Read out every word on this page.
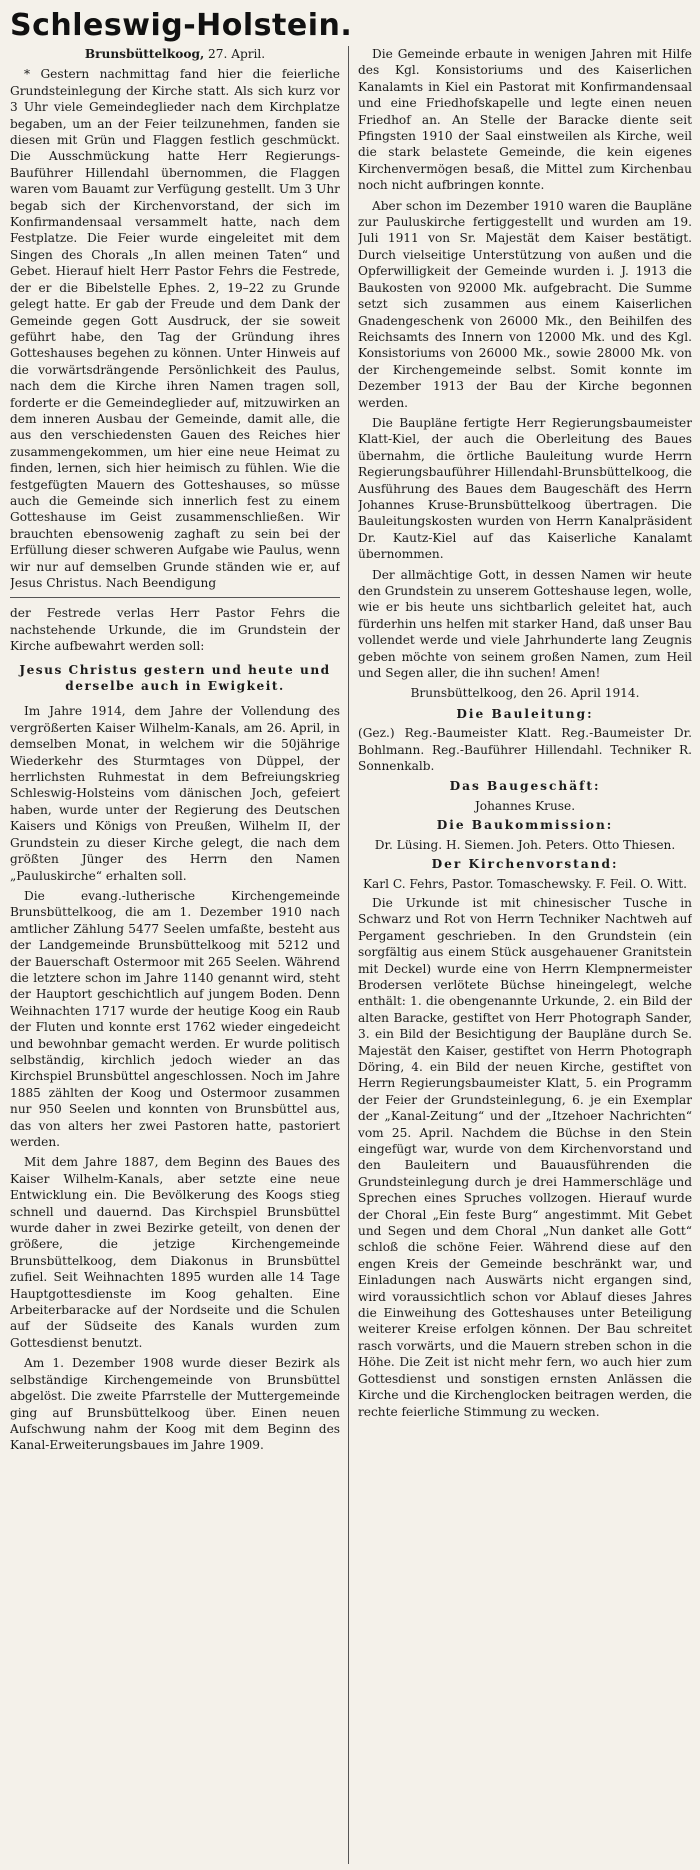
Schleswig-Holstein.

Brunsbüttelkoog, 27. April.

* Gestern nachmittag fand hier die feierliche Grundsteinlegung der Kirche statt. Als sich kurz vor 3 Uhr viele Gemeindeglieder nach dem Kirchplatze begaben, um an der Feier teilzunehmen, fanden sie diesen mit Grün und Flaggen festlich geschmückt. Die Ausschmückung hatte Herr Regierungs-Bauführer Hillendahl übernommen, die Flaggen waren vom Bauamt zur Verfügung gestellt. Um 3 Uhr begab sich der Kirchenvorstand, der sich im Konfirmandensaal versammelt hatte, nach dem Festplatze. Die Feier wurde eingeleitet mit dem Singen des Chorals „In allen meinen Taten“ und Gebet. Hierauf hielt Herr Pastor Fehrs die Festrede, der er die Bibelstelle Ephes. 2, 19–22 zu Grunde gelegt hatte. Er gab der Freude und dem Dank der Gemeinde gegen Gott Ausdruck, der sie soweit geführt habe, den Tag der Gründung ihres Gotteshauses begehen zu können. Unter Hinweis auf die vorwärtsdrängende Persönlichkeit des Paulus, nach dem die Kirche ihren Namen tragen soll, forderte er die Gemeindeglieder auf, mitzuwirken an dem inneren Ausbau der Gemeinde, damit alle, die aus den verschiedensten Gauen des Reiches hier zusammengekommen, um hier eine neue Heimat zu finden, lernen, sich hier heimisch zu fühlen. Wie die festgefügten Mauern des Gotteshauses, so müsse auch die Gemeinde sich innerlich fest zu einem Gotteshause im Geist zusammenschließen. Wir brauchten ebensowenig zaghaft zu sein bei der Erfüllung dieser schweren Aufgabe wie Paulus, wenn wir nur auf demselben Grunde ständen wie er, auf Jesus Christus. Nach Beendigung

der Festrede verlas Herr Pastor Fehrs die nachstehende Urkunde, die im Grundstein der Kirche aufbewahrt werden soll:

Jesus Christus gestern und heute und derselbe auch in Ewigkeit.

Im Jahre 1914, dem Jahre der Vollendung des vergrößerten Kaiser Wilhelm-Kanals, am 26. April, in demselben Monat, in welchem wir die 50jährige Wiederkehr des Sturmtages von Düppel, der herrlichsten Ruhmestat in dem Befreiungskrieg Schleswig-Holsteins vom dänischen Joch, gefeiert haben, wurde unter der Regierung des Deutschen Kaisers und Königs von Preußen, Wilhelm II, der Grundstein zu dieser Kirche gelegt, die nach dem größten Jünger des Herrn den Namen „Pauluskirche“ erhalten soll.

Die evang.-lutherische Kirchengemeinde Brunsbüttelkoog, die am 1. Dezember 1910 nach amtlicher Zählung 5477 Seelen umfaßte, besteht aus der Landgemeinde Brunsbüttelkoog mit 5212 und der Bauerschaft Ostermoor mit 265 Seelen. Während die letztere schon im Jahre 1140 genannt wird, steht der Hauptort geschichtlich auf jungem Boden. Denn Weihnachten 1717 wurde der heutige Koog ein Raub der Fluten und konnte erst 1762 wieder eingedeicht und bewohnbar gemacht werden. Er wurde politisch selbständig, kirchlich jedoch wieder an das Kirchspiel Brunsbüttel angeschlossen. Noch im Jahre 1885 zählten der Koog und Ostermoor zusammen nur 950 Seelen und konnten von Brunsbüttel aus, das von alters her zwei Pastoren hatte, pastoriert werden.

Mit dem Jahre 1887, dem Beginn des Baues des Kaiser Wilhelm-Kanals, aber setzte eine neue Entwicklung ein. Die Bevölkerung des Koogs stieg schnell und dauernd. Das Kirchspiel Brunsbüttel wurde daher in zwei Bezirke geteilt, von denen der größere, die jetzige Kirchengemeinde Brunsbüttelkoog, dem Diakonus in Brunsbüttel zufiel. Seit Weihnachten 1895 wurden alle 14 Tage Hauptgottesdienste im Koog gehalten. Eine Arbeiterbaracke auf der Nordseite und die Schulen auf der Südseite des Kanals wurden zum Gottesdienst benutzt.

Am 1. Dezember 1908 wurde dieser Bezirk als selbständige Kirchengemeinde von Brunsbüttel abgelöst. Die zweite Pfarrstelle der Muttergemeinde ging auf Brunsbüttelkoog über. Einen neuen Aufschwung nahm der Koog mit dem Beginn des Kanal-Erweiterungsbaues im Jahre 1909.

Die Gemeinde erbaute in wenigen Jahren mit Hilfe des Kgl. Konsistoriums und des Kaiserlichen Kanalamts in Kiel ein Pastorat mit Konfirmandensaal und eine Friedhofskapelle und legte einen neuen Friedhof an. An Stelle der Baracke diente seit Pfingsten 1910 der Saal einstweilen als Kirche, weil die stark belastete Gemeinde, die kein eigenes Kirchenvermögen besaß, die Mittel zum Kirchenbau noch nicht aufbringen konnte.

Aber schon im Dezember 1910 waren die Baupläne zur Pauluskirche fertiggestellt und wurden am 19. Juli 1911 von Sr. Majestät dem Kaiser bestätigt. Durch vielseitige Unterstützung von außen und die Opferwilligkeit der Gemeinde wurden i. J. 1913 die Baukosten von 92000 Mk. aufgebracht. Die Summe setzt sich zusammen aus einem Kaiserlichen Gnadengeschenk von 26000 Mk., den Beihilfen des Reichsamts des Innern von 12000 Mk. und des Kgl. Konsistoriums von 26000 Mk., sowie 28000 Mk. von der Kirchengemeinde selbst. Somit konnte im Dezember 1913 der Bau der Kirche begonnen werden.

Die Baupläne fertigte Herr Regierungsbaumeister Klatt-Kiel, der auch die Oberleitung des Baues übernahm, die örtliche Bauleitung wurde Herrn Regierungsbauführer Hillendahl-Brunsbüttelkoog, die Ausführung des Baues dem Baugeschäft des Herrn Johannes Kruse-Brunsbüttelkoog übertragen. Die Bauleitungskosten wurden von Herrn Kanalpräsident Dr. Kautz-Kiel auf das Kaiserliche Kanalamt übernommen.

Der allmächtige Gott, in dessen Namen wir heute den Grundstein zu unserem Gotteshause legen, wolle, wie er bis heute uns sichtbarlich geleitet hat, auch fürderhin uns helfen mit starker Hand, daß unser Bau vollendet werde und viele Jahrhunderte lang Zeugnis geben möchte von seinem großen Namen, zum Heil und Segen aller, die ihn suchen! Amen!

Brunsbüttelkoog, den 26. April 1914.

Die Bauleitung:

(Gez.) Reg.-Baumeister Klatt. Reg.-Baumeister Dr. Bohlmann. Reg.-Bauführer Hillendahl. Techniker R. Sonnenkalb.

Das Baugeschäft:

Johannes Kruse.

Die Baukommission:

Dr. Lüsing. H. Siemen. Joh. Peters. Otto Thiesen.

Der Kirchenvorstand:

Karl C. Fehrs, Pastor. Tomaschewsky. F. Feil. O. Witt.

Die Urkunde ist mit chinesischer Tusche in Schwarz und Rot von Herrn Techniker Nachtweh auf Pergament geschrieben. In den Grundstein (ein sorgfältig aus einem Stück ausgehauener Granitstein mit Deckel) wurde eine von Herrn Klempnermeister Brodersen verlötete Büchse hineingelegt, welche enthält: 1. die obengenannte Urkunde, 2. ein Bild der alten Baracke, gestiftet von Herr Photograph Sander, 3. ein Bild der Besichtigung der Baupläne durch Se. Majestät den Kaiser, gestiftet von Herrn Photograph Döring, 4. ein Bild der neuen Kirche, gestiftet von Herrn Regierungsbaumeister Klatt, 5. ein Programm der Feier der Grundsteinlegung, 6. je ein Exemplar der „Kanal-Zeitung“ und der „Itzehoer Nachrichten“ vom 25. April. Nachdem die Büchse in den Stein eingefügt war, wurde von dem Kirchenvorstand und den Bauleitern und Bauausführenden die Grundsteinlegung durch je drei Hammerschläge und Sprechen eines Spruches vollzogen. Hierauf wurde der Choral „Ein feste Burg“ angestimmt. Mit Gebet und Segen und dem Choral „Nun danket alle Gott“ schloß die schöne Feier. Während diese auf den engen Kreis der Gemeinde beschränkt war, und Einladungen nach Auswärts nicht ergangen sind, wird voraussichtlich schon vor Ablauf dieses Jahres die Einweihung des Gotteshauses unter Beteiligung weiterer Kreise erfolgen können. Der Bau schreitet rasch vorwärts, und die Mauern streben schon in die Höhe. Die Zeit ist nicht mehr fern, wo auch hier zum Gottesdienst und sonstigen ernsten Anlässen die Kirche und die Kirchenglocken beitragen werden, die rechte feierliche Stimmung zu wecken.
